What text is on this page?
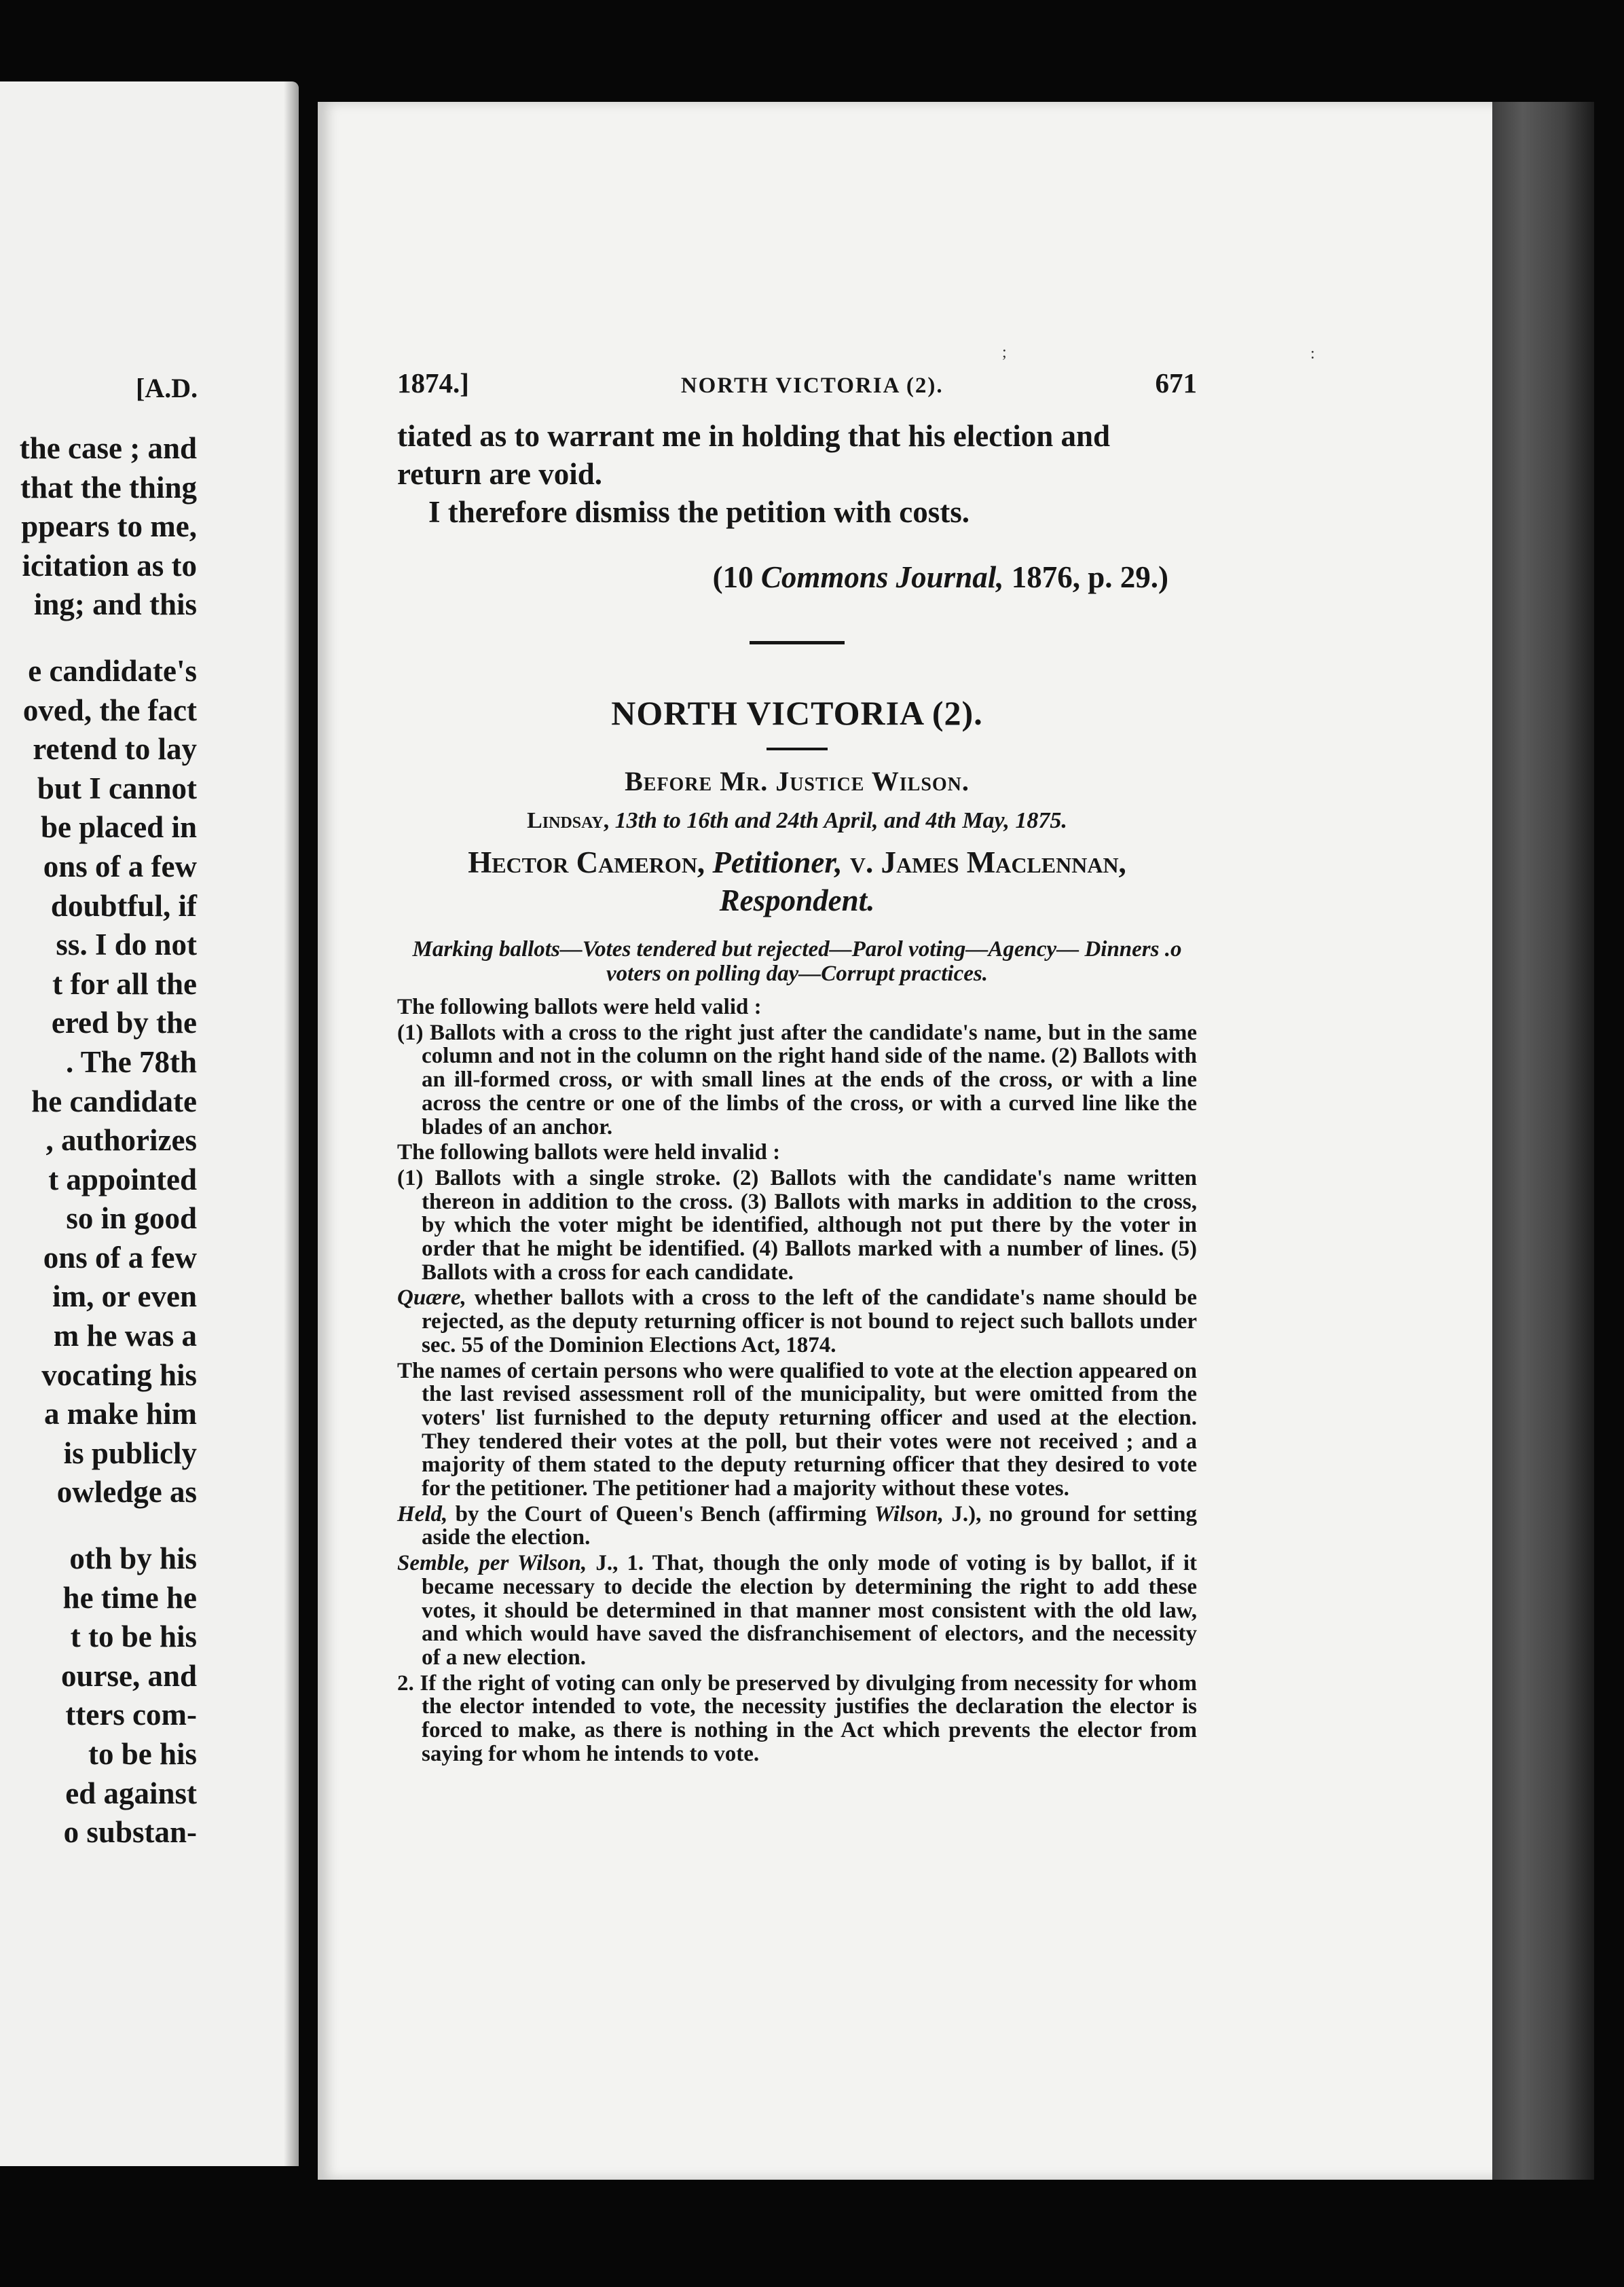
[A.D.
the case ; and
that the thing
ppears to me,
icitation as to
ing; and this
e candidate's
oved, the fact
retend to lay
but I cannot
be placed in
ons of a few
doubtful, if
ss. I do not
t for all the
ered by the
. The 78th
he candidate
, authorizes
t appointed
so in good
ons of a few
im, or even
m he was a
vocating his
a make him
is publicly
owledge as
oth by his
he time he
t to be his
ourse, and
tters com-
to be his
ed against
o substan-
;	:
1874.]	NORTH VICTORIA (2).	671

tiated as to warrant me in holding that his election and

return are void.

I therefore dismiss the petition with costs.

(10 Commons Journal, 1876, p. 29.)
NORTH VICTORIA (2).
Before Mr. Justice Wilson.
Lindsay, 13th to 16th and 24th April, and 4th May, 1875.
Hector Cameron, Petitioner, v. James Maclennan,
Respondent.
Marking ballots—Votes tendered but rejected—Parol voting—Agency— Dinners .o voters on polling day—Corrupt practices.

The following ballots were held valid :

(1) Ballots with a cross to the right just after the candidate's name, but in the same column and not in the column on the right hand side of the name. (2) Ballots with an ill-formed cross, or with small lines at the ends of the cross, or with a line across the centre or one of the limbs of the cross, or with a curved line like the blades of an anchor.

The following ballots were held invalid :

(1) Ballots with a single stroke. (2) Ballots with the candidate's name written thereon in addition to the cross. (3) Ballots with marks in addition to the cross, by which the voter might be identified, although not put there by the voter in order that he might be identified. (4) Ballots marked with a number of lines. (5) Ballots with a cross for each candidate.

Quære, whether ballots with a cross to the left of the candidate's name should be rejected, as the deputy returning officer is not bound to reject such ballots under sec. 55 of the Dominion Elections Act, 1874.

The names of certain persons who were qualified to vote at the election appeared on the last revised assessment roll of the municipality, but were omitted from the voters' list furnished to the deputy returning officer and used at the election. They tendered their votes at the poll, but their votes were not received ; and a majority of them stated to the deputy returning officer that they desired to vote for the petitioner. The petitioner had a majority without these votes.

Held, by the Court of Queen's Bench (affirming Wilson, J.), no ground for setting aside the election.

Semble, per Wilson, J., 1. That, though the only mode of voting is by ballot, if it became necessary to decide the election by determining the right to add these votes, it should be determined in that manner most consistent with the old law, and which would have saved the disfranchisement of electors, and the necessity of a new election.

2. If the right of voting can only be preserved by divulging from necessity for whom the elector intended to vote, the necessity justifies the declaration the elector is forced to make, as there is nothing in the Act which prevents the elector from saying for whom he intends to vote.
